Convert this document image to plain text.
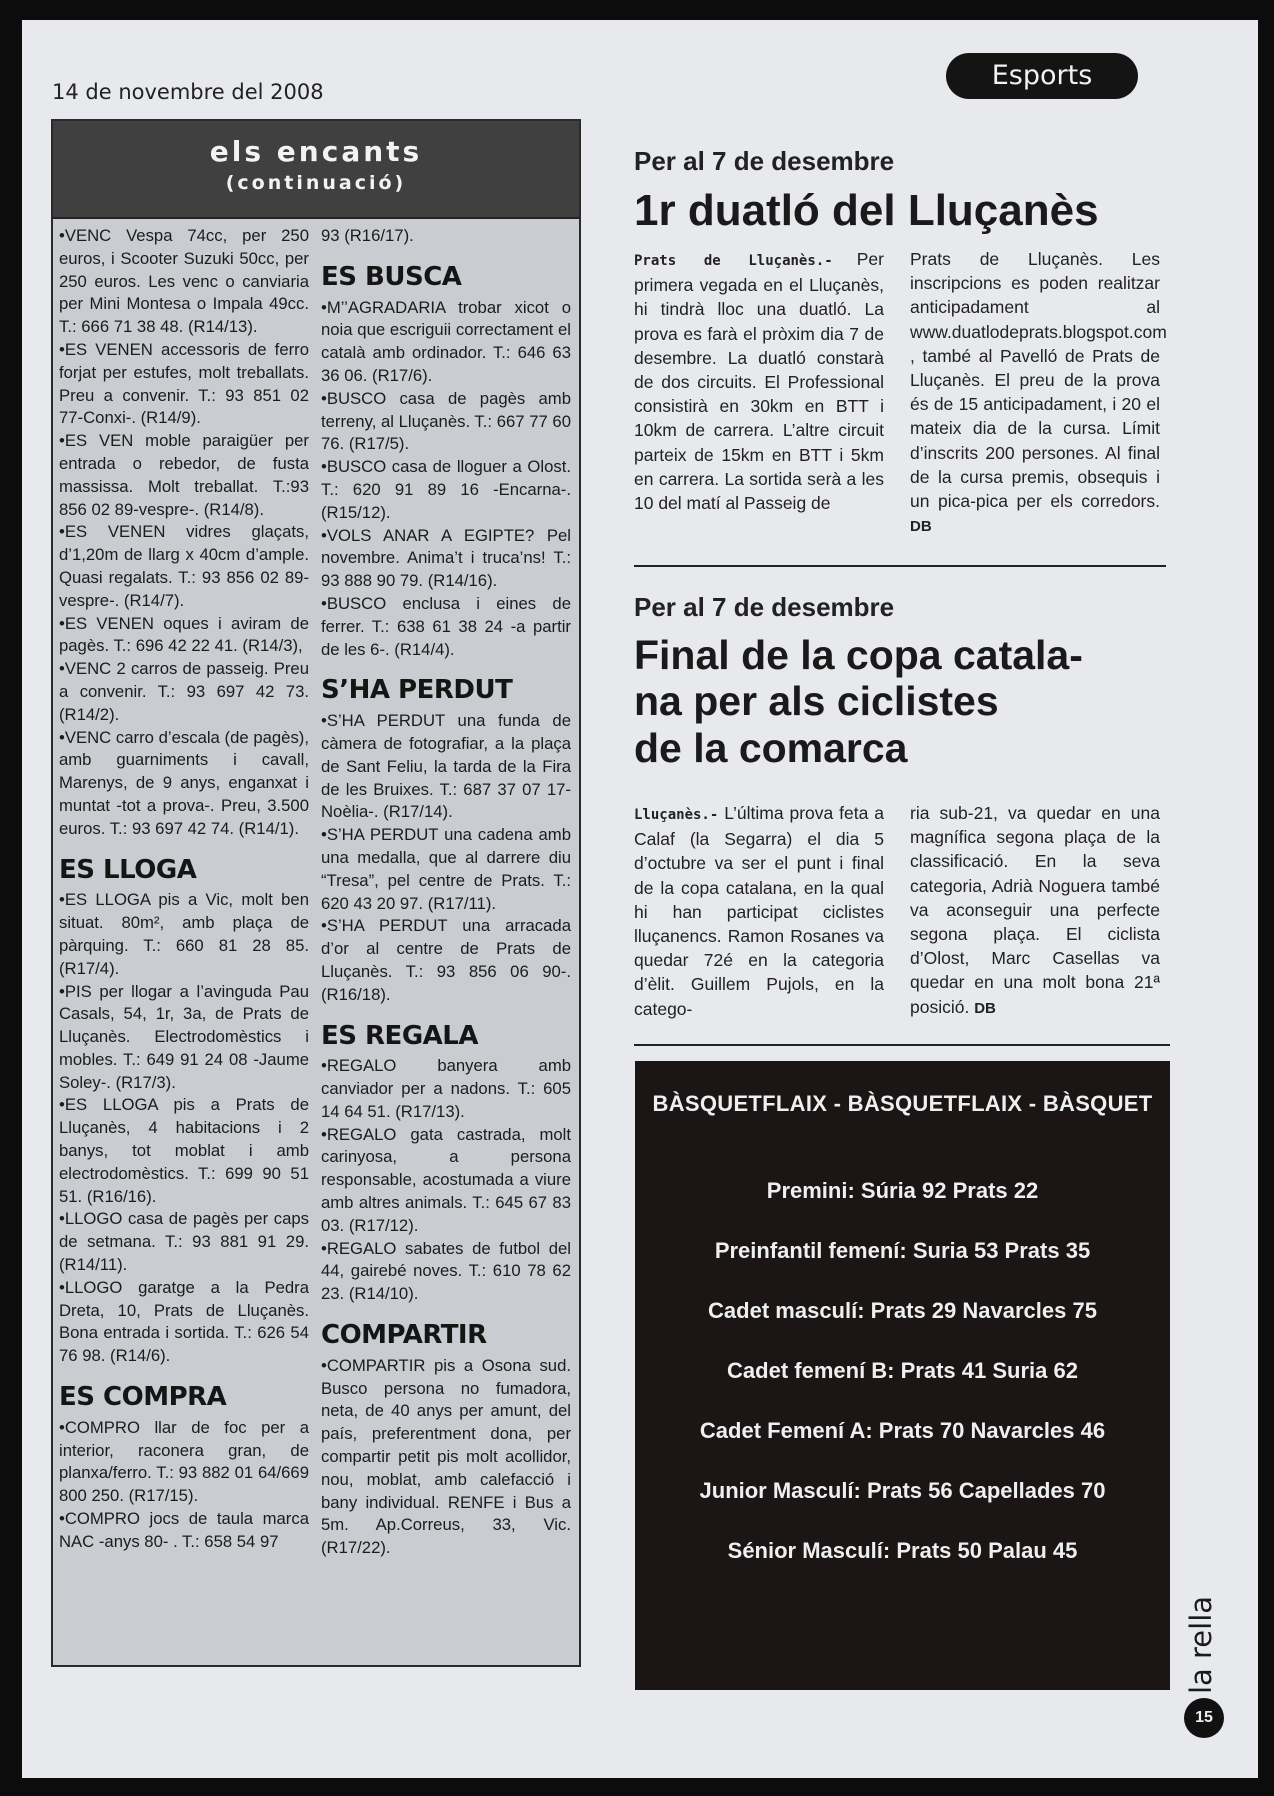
14 de novembre del 2008
Esports
els encants
(continuació)

•VENC Vespa 74cc, per 250 euros, i Scooter Suzuki 50cc, per 250 euros. Les venc o canviaria per Mini Montesa o Impala 49cc. T.: 666 71 38 48. (R14/13).

•ES VENEN accessoris de ferro forjat per estufes, molt treballats. Preu a convenir. T.: 93 851 02 77-Conxi-. (R14/9).

•ES VEN moble paraigüer per entrada o rebedor, de fusta massissa. Molt treballat. T.:93 856 02 89-vespre-. (R14/8).

•ES VENEN vidres glaçats, d’1,20m de llarg x 40cm d’ample. Quasi regalats. T.: 93 856 02 89-vespre-. (R14/7).

•ES VENEN oques i aviram de pagès. T.: 696 42 22 41. (R14/3),

•VENC 2 carros de passeig. Preu a convenir. T.: 93 697 42 73. (R14/2).

•VENC carro d’escala (de pagès), amb guarniments i cavall, Marenys, de 9 anys, enganxat i muntat -tot a prova-. Preu, 3.500 euros. T.: 93 697 42 74. (R14/1).

ES LLOGA

•ES LLOGA pis a Vic, molt ben situat. 80m², amb plaça de pàrquing. T.: 660 81 28 85. (R17/4).

•PIS per llogar a l’avinguda Pau Casals, 54, 1r, 3a, de Prats de Lluçanès. Electrodomèstics i mobles. T.: 649 91 24 08 -Jaume Soley-. (R17/3).

•ES LLOGA pis a Prats de Lluçanès, 4 habitacions i 2 banys, tot moblat i amb electrodomèstics. T.: 699 90 51 51. (R16/16).

•LLOGO casa de pagès per caps de setmana. T.: 93 881 91 29. (R14/11).

•LLOGO garatge a la Pedra Dreta, 10, Prats de Lluçanès. Bona entrada i sortida. T.: 626 54 76 98. (R14/6).

ES COMPRA

•COMPRO llar de foc per a interior, raconera gran, de planxa/ferro. T.: 93 882 01 64/669 800 250. (R17/15).

•COMPRO jocs de taula marca NAC -anys 80- . T.: 658 54 97

93 (R16/17).

ES BUSCA

•M’’AGRADARIA trobar xicot o noia que escriguii correctament el català amb ordinador. T.: 646 63 36 06. (R17/6).

•BUSCO casa de pagès amb terreny, al Lluçanès. T.: 667 77 60 76. (R17/5).

•BUSCO casa de lloguer a Olost. T.: 620 91 89 16 -Encarna-. (R15/12).

•VOLS ANAR A EGIPTE? Pel novembre. Anima’t i truca’ns! T.: 93 888 90 79. (R14/16).

•BUSCO enclusa i eines de ferrer. T.: 638 61 38 24 -a partir de les 6-. (R14/4).

S’HA PERDUT

•S’HA PERDUT una funda de càmera de fotografiar, a la plaça de Sant Feliu, la tarda de la Fira de les Bruixes. T.: 687 37 07 17-Noèlia-. (R17/14).

•S’HA PERDUT una cadena amb una medalla, que al darrere diu “Tresa”, pel centre de Prats. T.: 620 43 20 97. (R17/11).

•S’HA PERDUT una arracada d’or al centre de Prats de Lluçanès. T.: 93 856 06 90-. (R16/18).

ES REGALA

•REGALO banyera amb canviador per a nadons. T.: 605 14 64 51. (R17/13).

•REGALO gata castrada, molt carinyosa, a persona responsable, acostumada a viure amb altres animals. T.: 645 67 83 03. (R17/12).

•REGALO sabates de futbol del 44, gairebé noves. T.: 610 78 62 23. (R14/10).

COMPARTIR

•COMPARTIR pis a Osona sud. Busco persona no fumadora, neta, de 40 anys per amunt, del país, preferentment dona, per compartir petit pis molt acollidor, nou, moblat, amb calefacció i bany individual. RENFE i Bus a 5m. Ap.Correus, 33, Vic. (R17/22).

Per al 7 de desembre
1r duatló del Lluçanès
Prats de Lluçanès.- Per primera vegada en el Lluçanès, hi tindrà lloc una duatló. La prova es farà el pròxim dia 7 de desembre. La duatló constarà de dos circuits. El Professional consistirà en 30km en BTT i 10km de carrera. L’altre circuit parteix de 15km en BTT i 5km en carrera. La sortida serà a les 10 del matí al Passeig de
Prats de Lluçanès. Les inscripcions es poden realitzar anticipadament al www.duatlodeprats.blogspot.com , també al Pavelló de Prats de Lluçanès. El preu de la prova és de 15 anticipadament, i 20 el mateix dia de la cursa. Límit d’inscrits 200 persones. Al final de la cursa premis, obsequis i un pica-pica per els corredors. DB
Per al 7 de desembre
Final de la copa catala-
na per als ciclistes
de la comarca
Lluçanès.- L’última prova feta a Calaf (la Segarra) el dia 5 d’octubre va ser el punt i final de la copa catalana, en la qual hi han participat ciclistes lluçanencs. Ramon Rosanes va quedar 72é en la categoria d’èlit. Guillem Pujols, en la catego-
ria sub-21, va quedar en una magnífica segona plaça de la classificació. En la seva categoria, Adrià Noguera també va aconseguir una perfecte segona plaça. El ciclista d’Olost, Marc Casellas va quedar en una molt bona 21ª posició. DB
BÀSQUETFLAIX - BÀSQUETFLAIX - BÀSQUET
Premini: Súria 92 Prats 22
Preinfantil femení: Suria 53 Prats 35
Cadet masculí: Prats 29 Navarcles 75
Cadet femení B: Prats 41 Suria 62
Cadet Femení A: Prats 70 Navarcles 46
Junior Masculí: Prats 56 Capellades 70
Sénior Masculí: Prats 50 Palau 45
la rella
15
